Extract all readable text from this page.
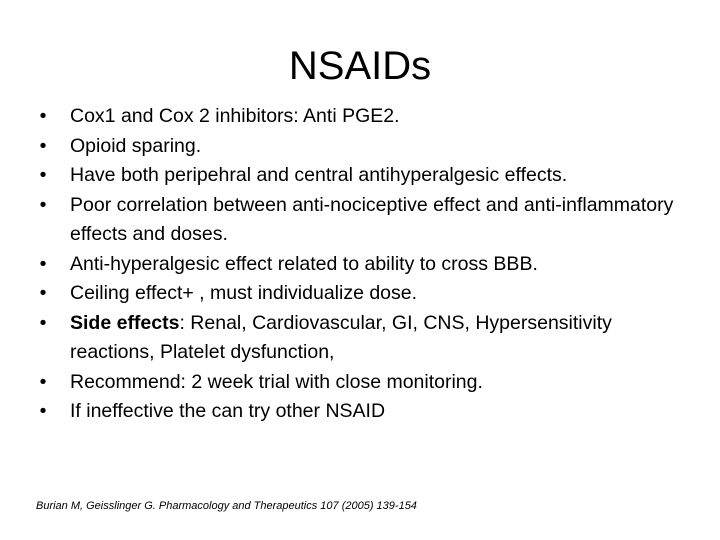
NSAIDs
• Cox1 and Cox 2 inhibitors: Anti PGE2.
• Opioid sparing.
• Have both peripehral and central antihyperalgesic effects.
• Poor correlation between anti-nociceptive effect and anti-inflammatory effects and doses.
• Anti-hyperalgesic effect related to ability to cross BBB.
• Ceiling effect+ , must individualize dose.
• Side effects: Renal, Cardiovascular, GI, CNS, Hypersensitivity reactions, Platelet dysfunction,
• Recommend: 2 week trial with close monitoring.
• If ineffective the can try other NSAID
Burian M, Geisslinger G. Pharmacology and Therapeutics 107 (2005) 139-154
